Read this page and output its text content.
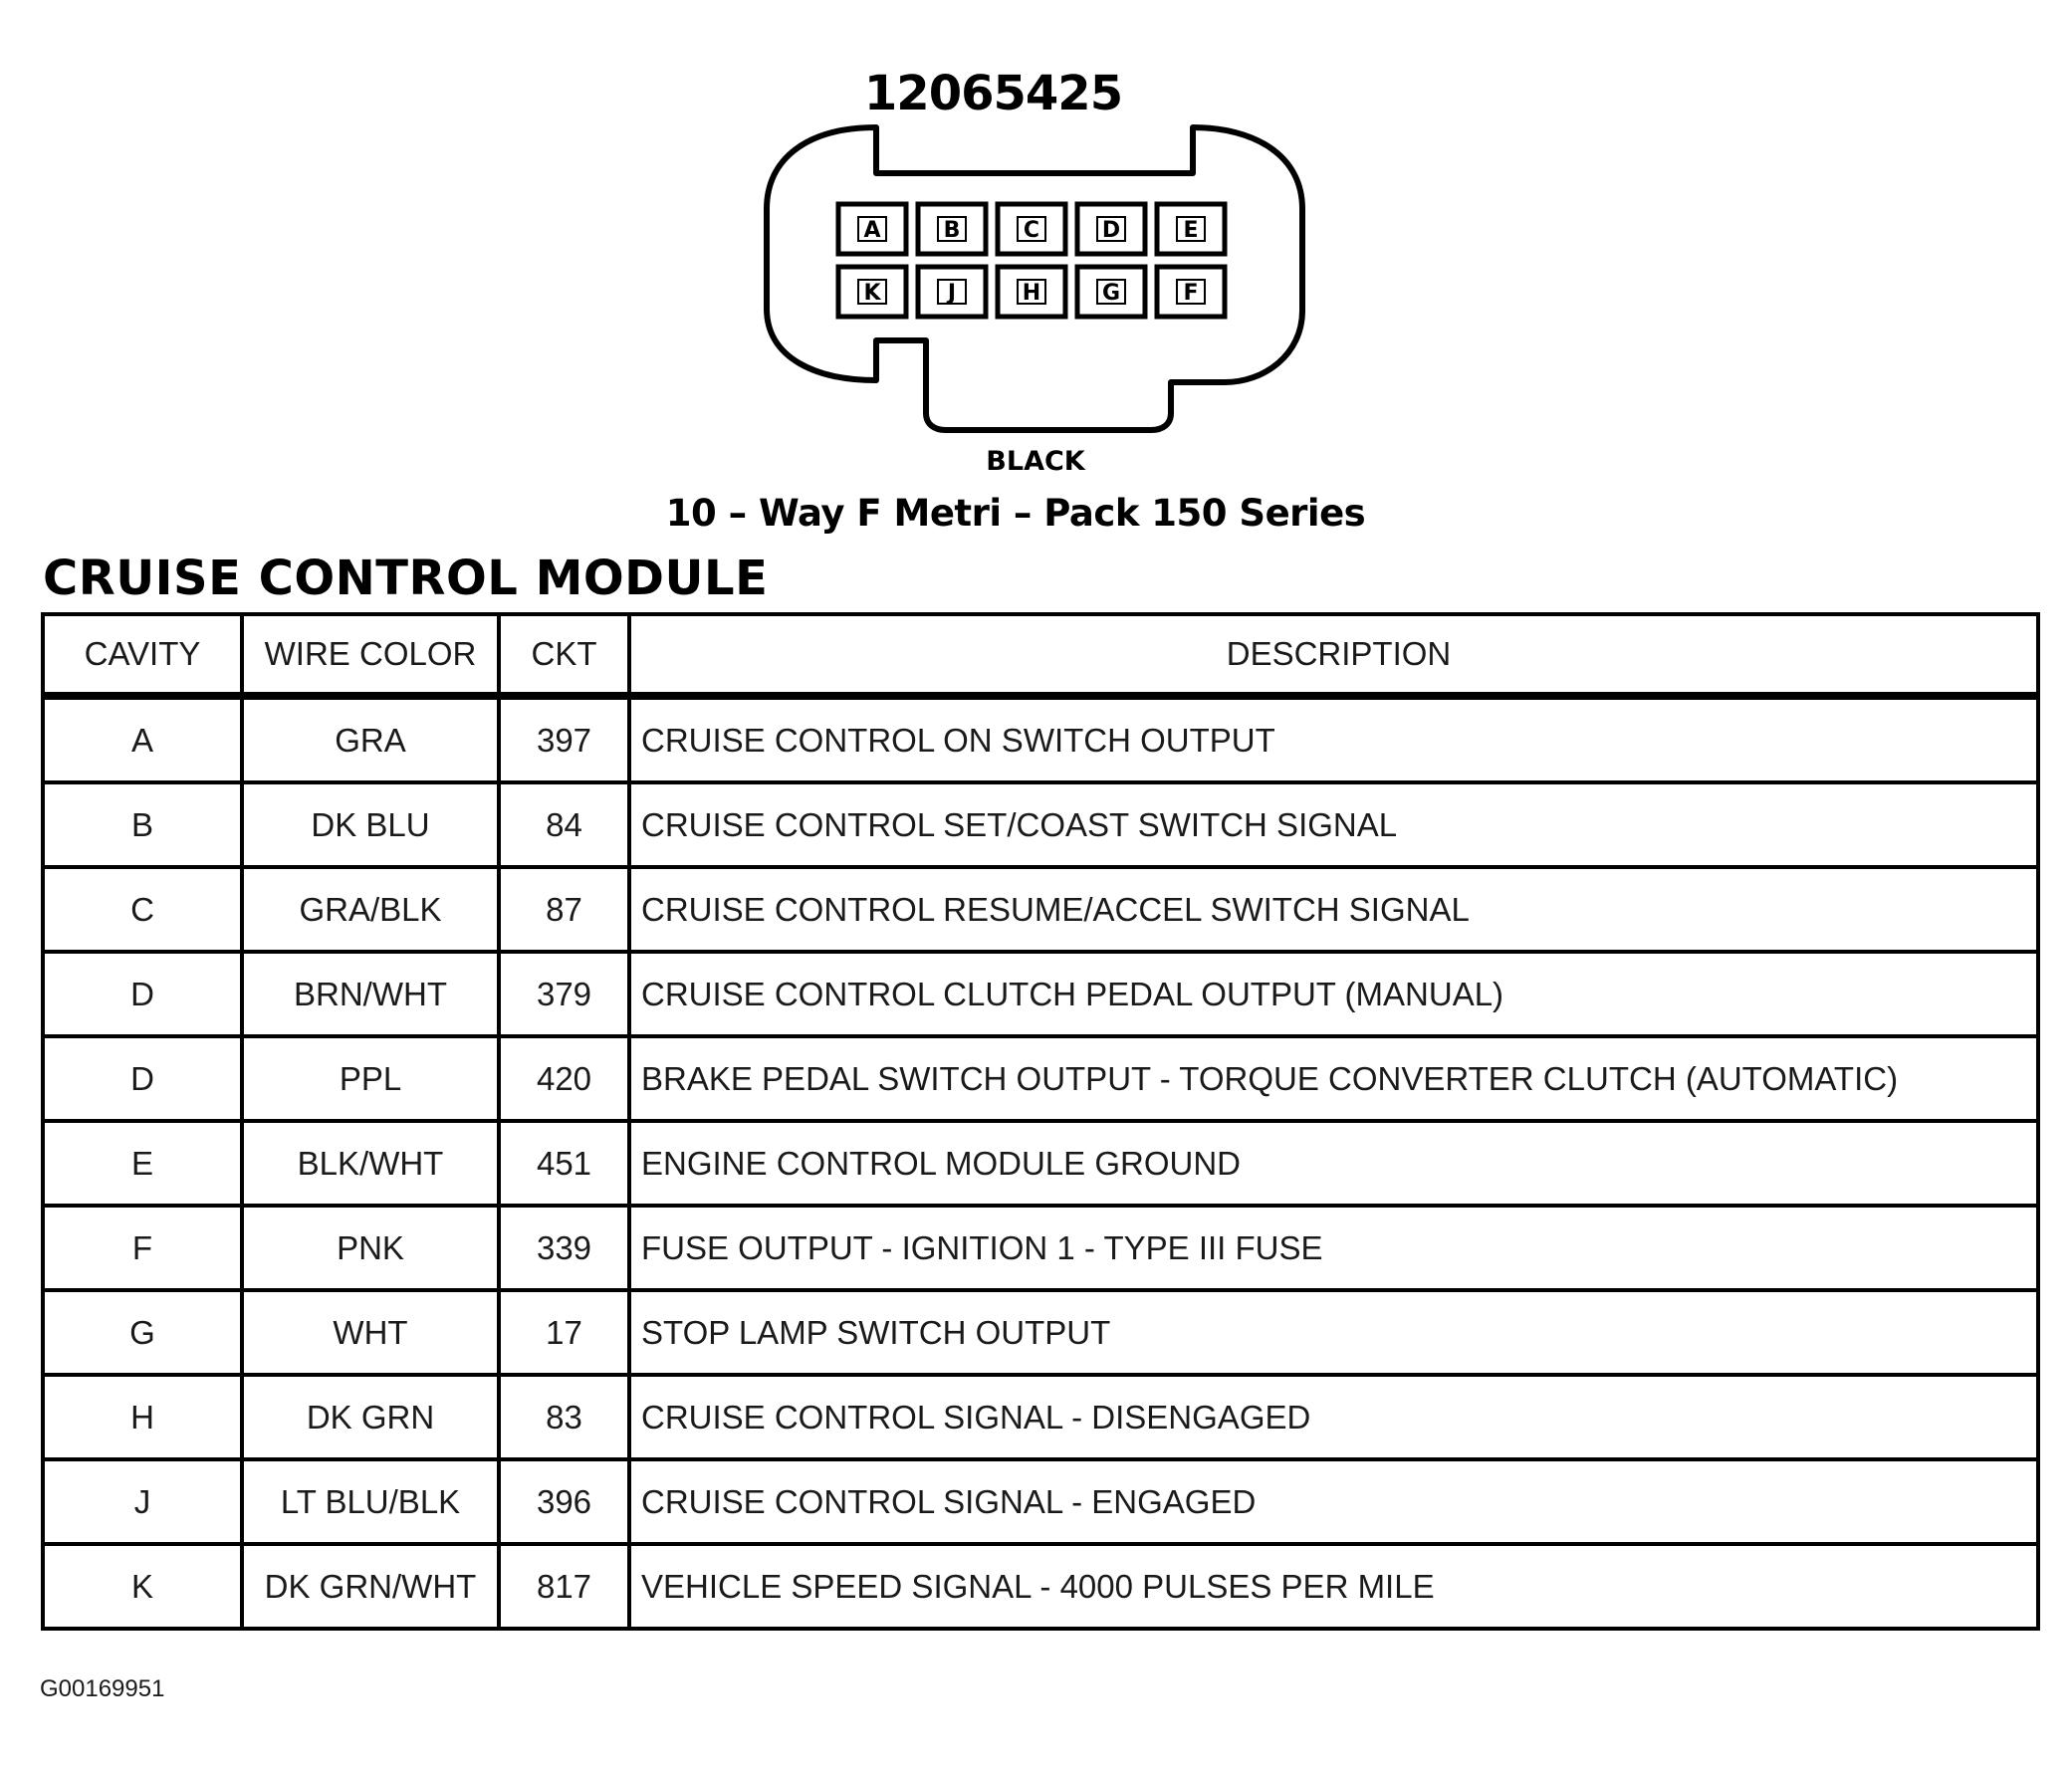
12065425
A	B	C	D	E
K	J	H	G	F
BLACK
10 – Way F Metri – Pack 150 Series
CRUISE CONTROL MODULE
CAVITY	WIRE COLOR	CKT	DESCRIPTION
A	GRA	397	CRUISE CONTROL ON SWITCH OUTPUT
B	DK BLU	84	CRUISE CONTROL SET/COAST SWITCH SIGNAL
C	GRA/BLK	87	CRUISE CONTROL RESUME/ACCEL SWITCH SIGNAL
D	BRN/WHT	379	CRUISE CONTROL CLUTCH PEDAL OUTPUT (MANUAL)
D	PPL	420	BRAKE PEDAL SWITCH OUTPUT - TORQUE CONVERTER CLUTCH (AUTOMATIC)
E	BLK/WHT	451	ENGINE CONTROL MODULE GROUND
F	PNK	339	FUSE OUTPUT - IGNITION 1 - TYPE III FUSE
G	WHT	17	STOP LAMP SWITCH OUTPUT
H	DK GRN	83	CRUISE CONTROL SIGNAL - DISENGAGED
J	LT BLU/BLK	396	CRUISE CONTROL SIGNAL - ENGAGED
K	DK GRN/WHT	817	VEHICLE SPEED SIGNAL - 4000 PULSES PER MILE
G00169951
